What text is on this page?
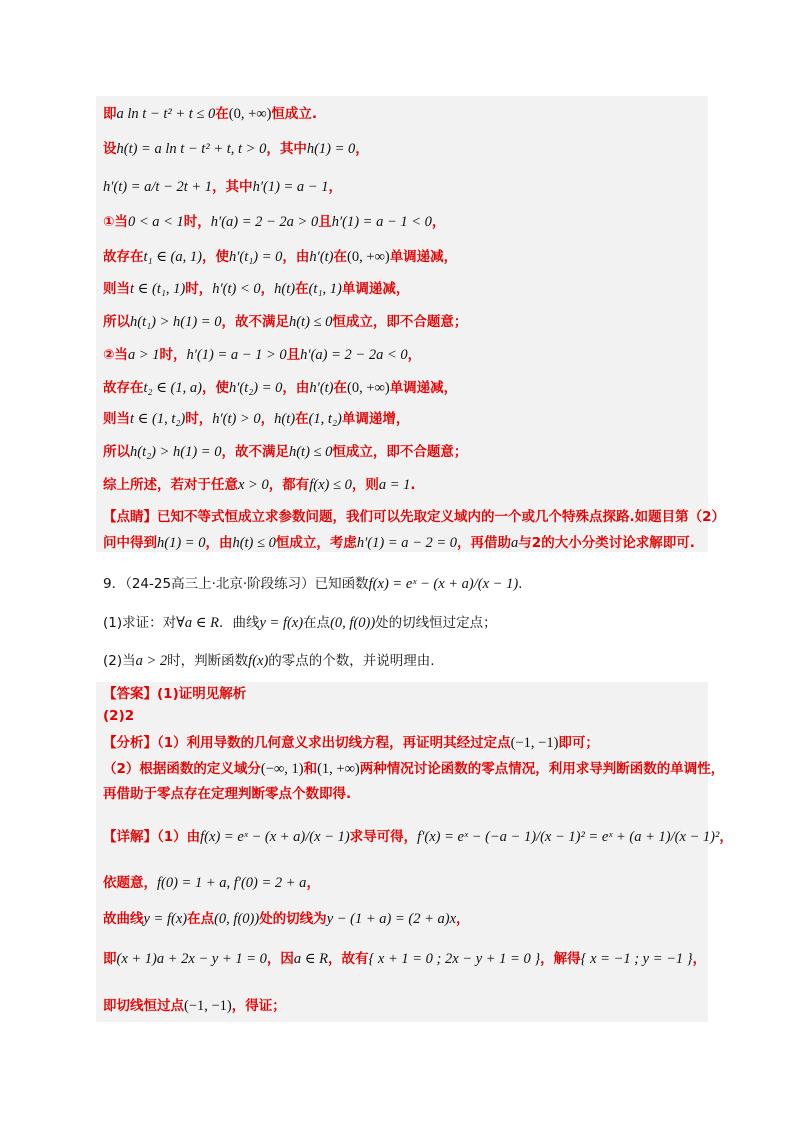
即a ln t − t² + t ≤ 0在(0, +∞)恒成立.
设h(t) = a ln t − t² + t, t > 0，其中h(1) = 0，
h′(t) = a/t − 2t + 1，其中h′(1) = a − 1，
①当0 < a < 1时，h′(a) = 2 − 2a > 0且h′(1) = a − 1 < 0，
故存在t₁ ∈ (a, 1)，使h′(t₁) = 0，由h′(t)在(0, +∞)单调递减，
则当t ∈ (t₁, 1)时，h′(t) < 0，h(t)在(t₁, 1)单调递减，
所以h(t₁) > h(1) = 0，故不满足h(t) ≤ 0恒成立，即不合题意；
②当a > 1时，h′(1) = a − 1 > 0且h′(a) = 2 − 2a < 0，
故存在t₂ ∈ (1, a)，使h′(t₂) = 0，由h′(t)在(0, +∞)单调递减，
则当t ∈ (1, t₂)时，h′(t) > 0，h(t)在(1, t₂)单调递增，
所以h(t₂) > h(1) = 0，故不满足h(t) ≤ 0恒成立，即不合题意；
综上所述，若对于任意x > 0，都有f(x) ≤ 0，则a = 1.
【点睛】已知不等式恒成立求参数问题，我们可以先取定义域内的一个或几个特殊点探路.如题目第（2）
问中得到h(1) = 0，由h(t) ≤ 0恒成立，考虑h′(1) = a − 2 = 0，再借助a与2的大小分类讨论求解即可.
9．（24-25高三上·北京·阶段练习）已知函数f(x) = eˣ − (x + a)/(x − 1).
(1)求证：对∀a ∈ R．曲线y = f(x)在点(0, f(0))处的切线恒过定点；
(2)当a > 2时，判断函数f(x)的零点的个数，并说明理由.
【答案】(1)证明见解析
(2)2
【分析】（1）利用导数的几何意义求出切线方程，再证明其经过定点(−1, −1)即可；
（2）根据函数的定义域分(−∞, 1)和(1, +∞)两种情况讨论函数的零点情况，利用求导判断函数的单调性，
再借助于零点存在定理判断零点个数即得.
【详解】（1）由f(x) = eˣ − (x + a)/(x − 1)求导可得，f′(x) = eˣ − (−a − 1)/(x − 1)² = eˣ + (a + 1)/(x − 1)²，
依题意，f(0) = 1 + a, f′(0) = 2 + a，
故曲线y = f(x)在点(0, f(0))处的切线为y − (1 + a) = (2 + a)x，
即(x + 1)a + 2x − y + 1 = 0，因a ∈ R，故有{ x + 1 = 0 ; 2x − y + 1 = 0 }，解得{ x = −1 ; y = −1 }，
即切线恒过点(−1, −1)，得证；
